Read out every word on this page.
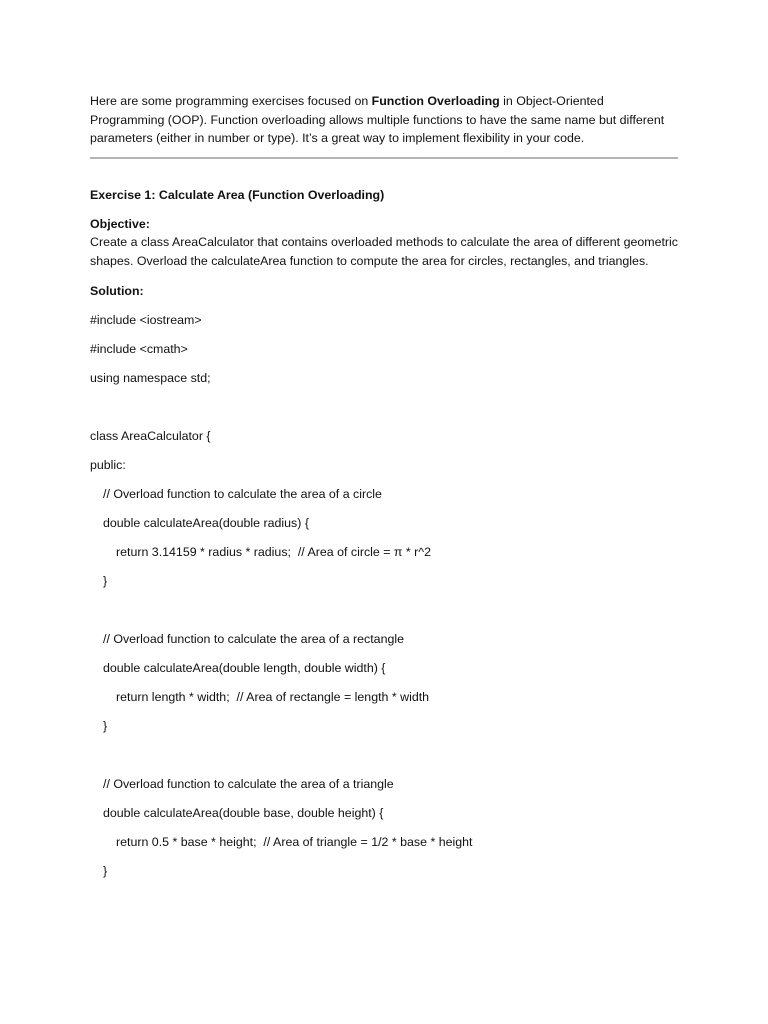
Here are some programming exercises focused on Function Overloading in Object-Oriented Programming (OOP). Function overloading allows multiple functions to have the same name but different parameters (either in number or type). It’s a great way to implement flexibility in your code.

Exercise 1: Calculate Area (Function Overloading)

Objective:

Create a class AreaCalculator that contains overloaded methods to calculate the area of different geometric shapes. Overload the calculateArea function to compute the area for circles, rectangles, and triangles.

Solution:

#include <iostream>
#include <cmath>
using namespace std;
class AreaCalculator {
public:
// Overload function to calculate the area of a circle
double calculateArea(double radius) {
return 3.14159 * radius * radius;  // Area of circle = π * r^2
}
// Overload function to calculate the area of a rectangle
double calculateArea(double length, double width) {
return length * width;  // Area of rectangle = length * width
}
// Overload function to calculate the area of a triangle
double calculateArea(double base, double height) {
return 0.5 * base * height;  // Area of triangle = 1/2 * base * height
}
